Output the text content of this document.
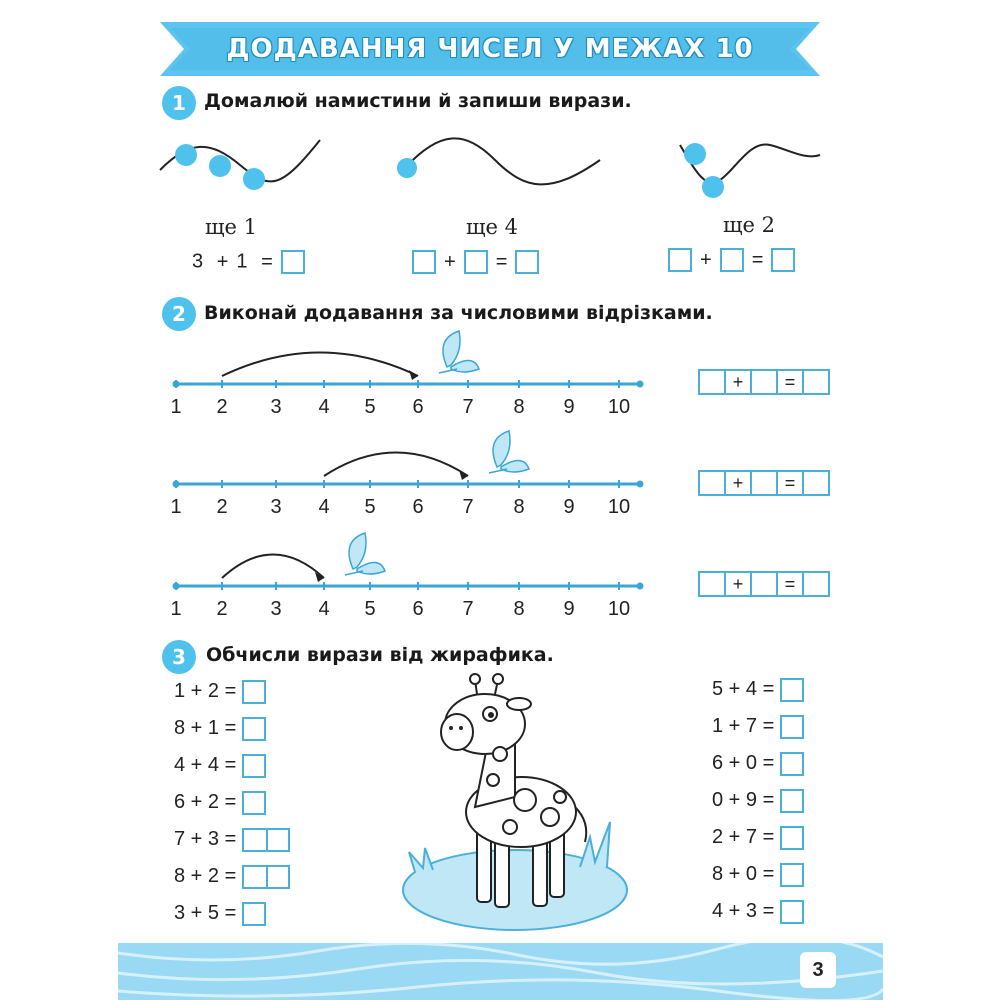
ДОДАВАННЯ ЧИСЕЛ У МЕЖАХ 10
1 Домалюй намистини й запиши вирази.
ще 1	ще 4	ще 2
3 + 1 =	+ =	+ =
2 Виконай додавання за числовими відрізками.
1	2	3	4	5	6	7	8	9	10
1	2	3	4	5	6	7	8	9	10
1	2	3	4	5	6	7	8	9	10
+	=
+	=
+	=
3	Обчисли вирази від жирафика.
1 + 2 =
8 + 1 =
4 + 4 =
6 + 2 =
7 + 3 =
8 + 2 =
3 + 5 =
5 + 4 =
1 + 7 =
6 + 0 =
0 + 9 =
2 + 7 =
8 + 0 =
4 + 3 =
3
